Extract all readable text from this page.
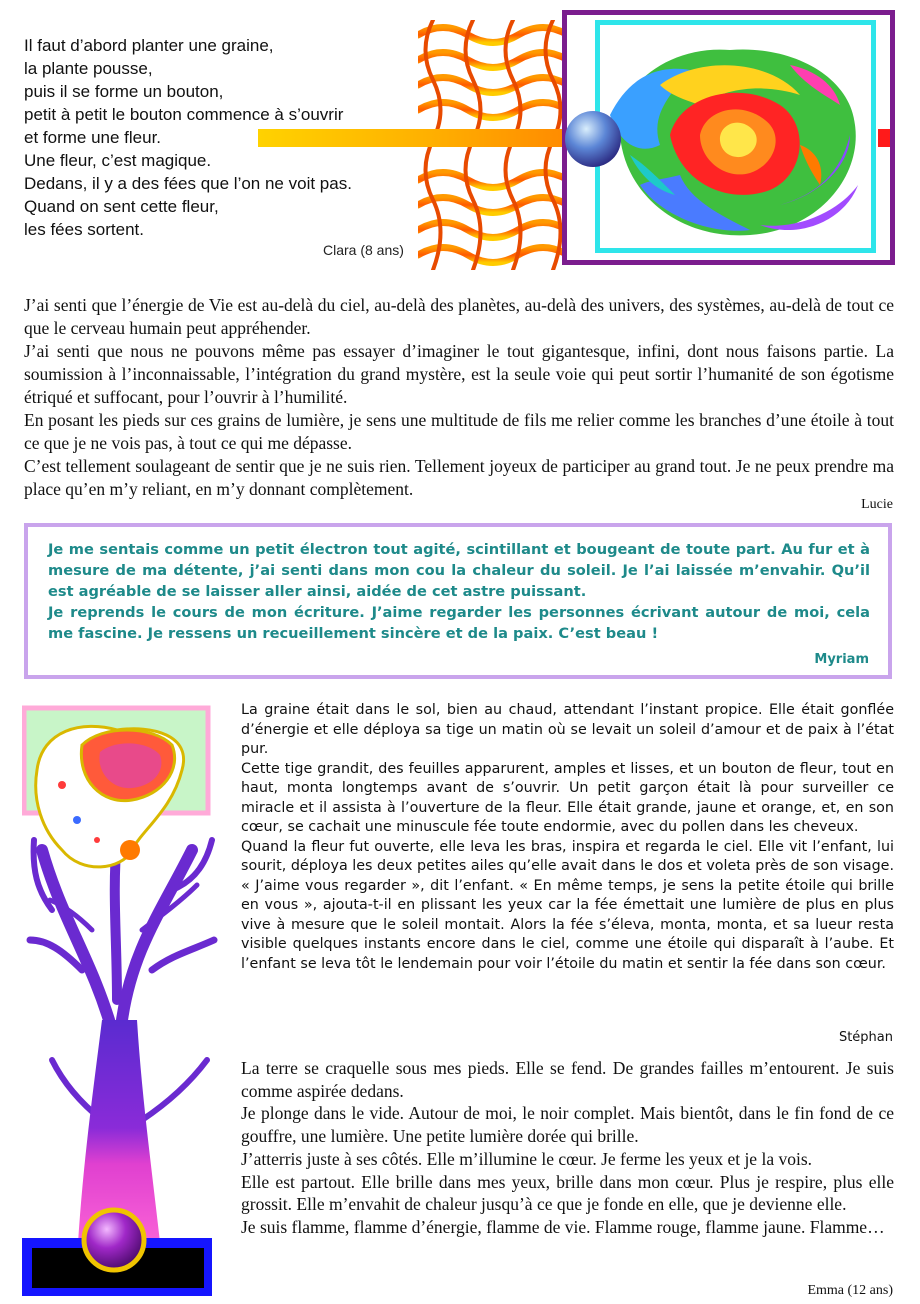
Il faut d’abord planter une graine,
la plante pousse,
puis il se forme un bouton,
petit à petit le bouton commence à s’ouvrir
et forme une fleur.
Une fleur, c’est magique.
Dedans, il y a des fées que l’on ne voit pas.
Quand on sent cette fleur,
les fées sortent.
Clara (8 ans)

J’ai senti que l’énergie de Vie est au-delà du ciel, au-delà des planètes, au-delà des univers, des systèmes, au-delà de tout ce que le cerveau humain peut appréhender.

J’ai senti que nous ne pouvons même pas essayer d’imaginer le tout gigantesque, infini, dont nous faisons partie. La soumission à l’inconnaissable, l’intégration du grand mystère, est la seule voie qui peut sortir l’humanité de son égotisme étriqué et suffocant, pour l’ouvrir à l’humilité.

En posant les pieds sur ces grains de lumière, je sens une multitude de fils me relier comme les branches d’une étoile à tout ce que je ne vois pas, à tout ce qui me dépasse.

C’est tellement soulageant de sentir que je ne suis rien. Tellement joyeux de participer au grand tout. Je ne peux prendre ma place qu’en m’y reliant, en m’y donnant complètement.

Lucie

Je me sentais comme un petit électron tout agité, scintillant et bougeant de toute part. Au fur et à mesure de ma détente, j’ai senti dans mon cou la chaleur du soleil. Je l’ai laissée m’envahir. Qu’il est agréable de se laisser aller ainsi, aidée de cet astre puissant.

Je reprends le cours de mon écriture. J’aime regarder les personnes écrivant autour de moi, cela me fascine. Je ressens un recueillement sincère et de la paix. C’est beau !

Myriam

La graine était dans le sol, bien au chaud, attendant l’instant propice. Elle était gonflée d’énergie et elle déploya sa tige un matin où se levait un soleil d’amour et de paix à l’état pur.

Cette tige grandit, des feuilles apparurent, amples et lisses, et un bouton de fleur, tout en haut, monta longtemps avant de s’ouvrir. Un petit garçon était là pour surveiller ce miracle et il assista à l’ouverture de la fleur. Elle était grande, jaune et orange, et, en son cœur, se cachait une minuscule fée toute endormie, avec du pollen dans les cheveux.

Quand la fleur fut ouverte, elle leva les bras, inspira et regarda le ciel. Elle vit l’enfant, lui sourit, déploya les deux petites ailes qu’elle avait dans le dos et voleta près de son visage. « J’aime vous regarder », dit l’enfant. « En même temps, je sens la petite étoile qui brille en vous », ajouta-t-il en plissant les yeux car la fée émettait une lumière de plus en plus vive à mesure que le soleil montait. Alors la fée s’éleva, monta, monta, et sa lueur resta visible quelques instants encore dans le ciel, comme une étoile qui disparaît à l’aube. Et l’enfant se leva tôt le lendemain pour voir l’étoile du matin et sentir la fée dans son cœur.

Stéphan

La terre se craquelle sous mes pieds. Elle se fend. De grandes failles m’entourent. Je suis comme aspirée dedans.

Je plonge dans le vide. Autour de moi, le noir complet. Mais bientôt, dans le fin fond de ce gouffre, une lumière. Une petite lumière dorée qui brille.

J’atterris juste à ses côtés. Elle m’illumine le cœur. Je ferme les yeux et je la vois.

Elle est partout. Elle brille dans mes yeux, brille dans mon cœur. Plus je respire, plus elle grossit. Elle m’envahit de chaleur jusqu’à ce que je fonde en elle, que je devienne elle.

Je suis flamme, flamme d’énergie, flamme de vie. Flamme rouge, flamme jaune. Flamme…

Emma (12 ans)
